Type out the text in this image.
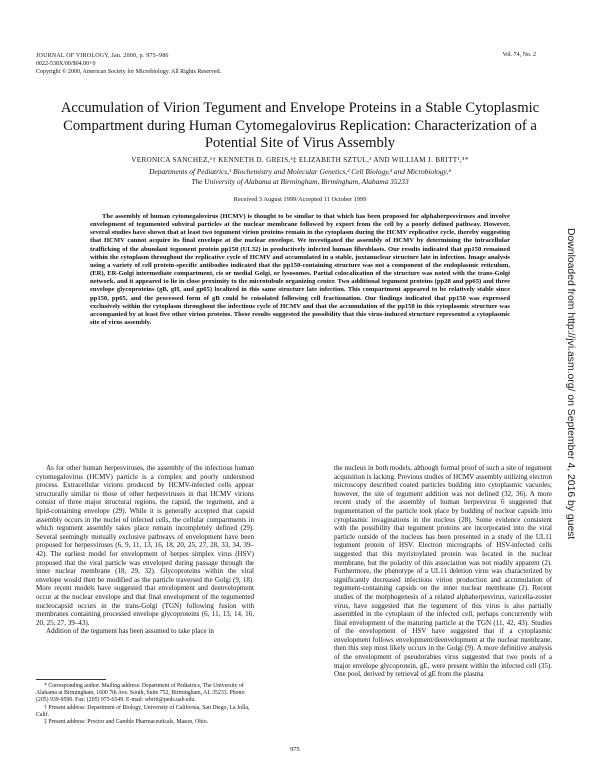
JOURNAL OF VIROLOGY, Jan. 2000, p. 975–986
0022-538X/00/$04.00+0
Copyright © 2000, American Society for Microbiology. All Rights Reserved.
Vol. 74, No. 2
Accumulation of Virion Tegument and Envelope Proteins in a Stable Cytoplasmic Compartment during Human Cytomegalovirus Replication: Characterization of a Potential Site of Virus Assembly
VERONICA SANCHEZ,¹† KENNETH D. GREIS,²‡ ELIZABETH SZTUL,³ AND WILLIAM J. BRITT¹,⁴*
Departments of Pediatrics,¹ Biochemistry and Molecular Genetics,² Cell Biology,³ and Microbiology,⁴
The University of Alabama at Birmingham, Birmingham, Alabama 35233
Received 3 August 1999/Accepted 11 October 1999

The assembly of human cytomegalovirus (HCMV) is thought to be similar to that which has been proposed for alphaherpesviruses and involve envelopment of tegumented subviral particles at the nuclear membrane followed by export from the cell by a poorly defined pathway. However, several studies have shown that at least two tegument virion proteins remain in the cytoplasm during the HCMV replicative cycle, thereby suggesting that HCMV cannot acquire its final envelope at the nuclear envelope. We investigated the assembly of HCMV by determining the intracellular trafficking of the abundant tegument protein pp150 (UL32) in productively infected human fibroblasts. Our results indicated that pp150 remained within the cytoplasm throughout the replicative cycle of HCMV and accumulated in a stable, juxtanuclear structure late in infection. Image analysis using a variety of cell protein-specific antibodies indicated that the pp150-containing structure was not a component of the endoplasmic reticulum, (ER), ER-Golgi intermediate compartment, cis or medial Golgi, or lysosomes. Partial colocalization of the structure was noted with the trans-Golgi network, and it appeared to lie in close proximity to the microtubule organizing center. Two additional tegument proteins (pp28 and pp65) and three envelope glycoproteins (gB, gH, and gp65) localized in this same structure late infection. This compartment appeared to be relatively stable since pp150, pp65, and the processed form of gB could be coisolated following cell fractionation. Our findings indicated that pp150 was expressed exclusively within the cytoplasm throughout the infectious cycle of HCMV and that the accumulation of the pp150 in this cytoplasmic structure was accompanied by at least five other virion proteins. These results suggested the possibility that this virus-induced structure represented a cytoplasmic site of virus assembly.

As for other human herpesviruses, the assembly of the infectious human cytomegalovirus (HCMV) particle is a complex and poorly understood process. Extracellular virions produced by HCMV-infected cells appear structurally similar to those of other herpesviruses in that HCMV virions consist of three major structural regions, the capsid, the tegument, and a lipid-containing envelope (29). While it is generally accepted that capsid assembly occurs in the nuclei of infected cells, the cellular compartments in which tegument assembly takes place remain incompletely defined (29). Several seemingly mutually exclusive pathways of envelopment have been proposed for herpesviruses (6, 9, 11, 13, 16, 18, 20, 25, 27, 28, 33, 34, 39–42). The earliest model for envelopment of herpes simplex virus (HSV) proposed that the viral particle was enveloped during passage through the inner nuclear membrane (18, 29, 32). Glycoproteins within the viral envelope would then be modified as the particle traversed the Golgi (9, 18). More recent models have suggested that envelopment and deenvelopment occur at the nuclear envelope and that final envelopment of the tegumented nucleocapsid occurs in the trans-Golgi (TGN) following fusion with membranes containing processed envelope glycoproteins (6, 11, 13, 14, 16, 20, 25, 27, 39–43).

Addition of the tegument has been assumed to take place in

the nucleus in both models, although formal proof of such a site of tegument acquisition is lacking. Previous studies of HCMV assembly utilizing electron microscopy described coated particles budding into cytoplasmic vacuoles; however, the site of tegument addition was not defined (32, 36). A more recent study of the assembly of human herpesvirus 6 suggested that tegumentation of the particle took place by budding of nuclear capsids into cytoplasmic invaginations in the nucleus (28). Some evidence consistent with the possibility that tegument proteins are incorporated into the viral particle outside of the nucleus has been presented in a study of the UL11 tegument protein of HSV. Electron micrographs of HSV-infected cells suggested that this myristoylated protein was located in the nuclear membrane, but the polarity of this association was not readily apparent (2). Furthermore, the phenotype of a UL11 deletion virus was characterized by significantly decreased infectious virion production and accumulation of tegument-containing capsids on the inner nuclear membrane (2). Recent studies of the morphogenesis of a related alphaherpesvirus, varicella-zoster virus, have suggested that the tegument of this virus is also partially assembled in the cytoplasm of the infected cell, perhaps concurrently with final envelopment of the maturing particle at the TGN (11, 42, 43). Studies of the envelopment of HSV have suggested that if a cytoplasmic envelopment follows envelopment/deenvelopment at the nuclear membrane, then this step most likely occurs in the Golgi (9). A more definitive analysis of the envelopment of pseudorabies virus suggested that two pools of a major envelope glycoprotein, gE, were present within the infected cell (35). One pool, derived by retrieval of gE from the plasma

* Corresponding author. Mailing address: Department of Pediatrics, The University of Alabama at Birmingham, 1600 7th Ave. South, Suite 752, Birmingham, AL 35233. Phone: (205) 939-9590. Fax: (205) 975-6549. E-mail: wbritt@peds.uab.edu.

† Present address: Department of Biology, University of California, San Diego, La Jolla, Calif.

‡ Present address: Proctor and Gamble Pharmaceuticals, Mason, Ohio.

975
Downloaded from http://jvi.asm.org/ on September 4, 2016 by guest
